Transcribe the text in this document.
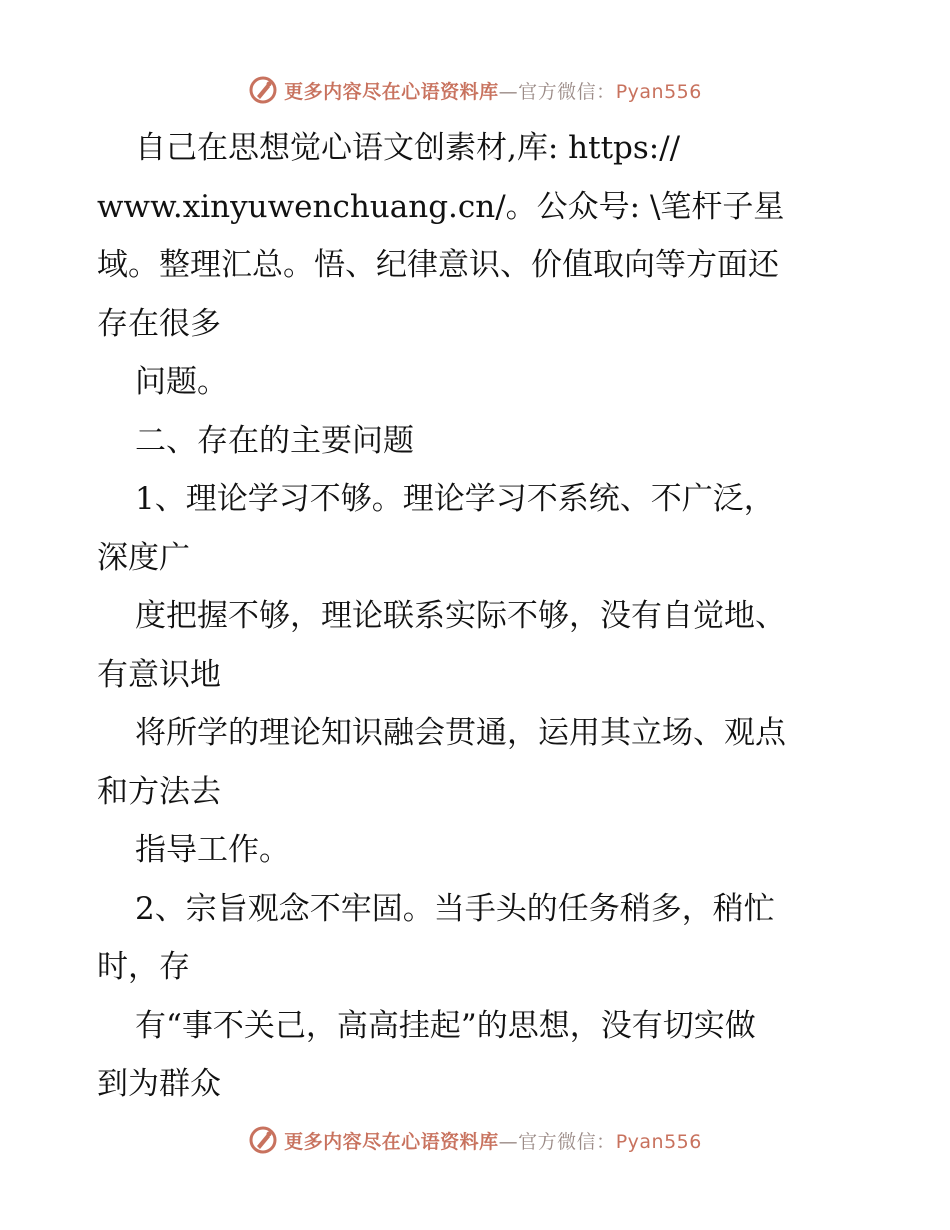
更多内容尽在心语资料库—官方微信：Pyan556
自己在思想觉心语文创素材,库: https://
www.xinyuwenchuang.cn/。公众号: \笔杆子星
域。整理汇总。悟、纪律意识、价值取向等方面还
存在很多
问题。
二、存在的主要问题
1、理论学习不够。理论学习不系统、不广泛，
深度广
度把握不够，理论联系实际不够，没有自觉地、
有意识地
将所学的理论知识融会贯通，运用其立场、观点
和方法去
指导工作。
2、宗旨观念不牢固。当手头的任务稍多，稍忙
时，存
有“事不关己，高高挂起”的思想，没有切实做
到为群众
更多内容尽在心语资料库—官方微信：Pyan556
